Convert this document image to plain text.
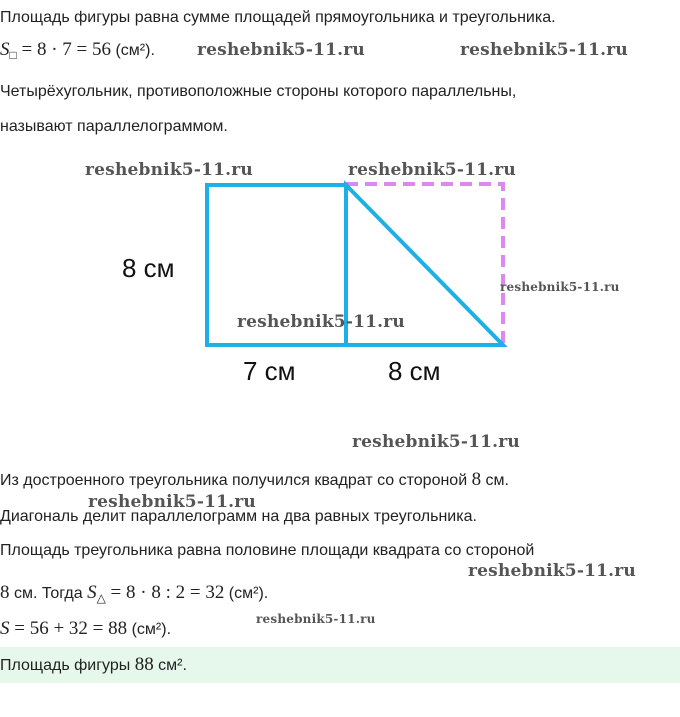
Площадь фигуры равна сумме площадей прямоугольника и треугольника.
$S_□ = 8 \cdot 7 = 56$ (см²).
Четырёхугольник, противоположные стороны которого параллельны,
называют параллелограммом.
8 см
7 см	8 см
reshebnik5-11.ru	reshebnik5-11.ru
reshebnik5-11.ru	reshebnik5-11.ru
reshebnik5-11.ru
reshebnik5-11.ru
reshebnik5-11.ru
reshebnik5-11.ru
reshebnik5-11.ru
reshebnik5-11.ru
Из достроенного треугольника получился квадрат со стороной 8 см.
Диагональ делит параллелограмм на два равных треугольника.
Площадь треугольника равна половине площади квадрата со стороной
8 см. Тогда $S_\triangle = 8 \cdot 8$ : 2 = 32 (см²).
S = 56 + 32 = 88 (см²).
Площадь фигуры 88 см².
